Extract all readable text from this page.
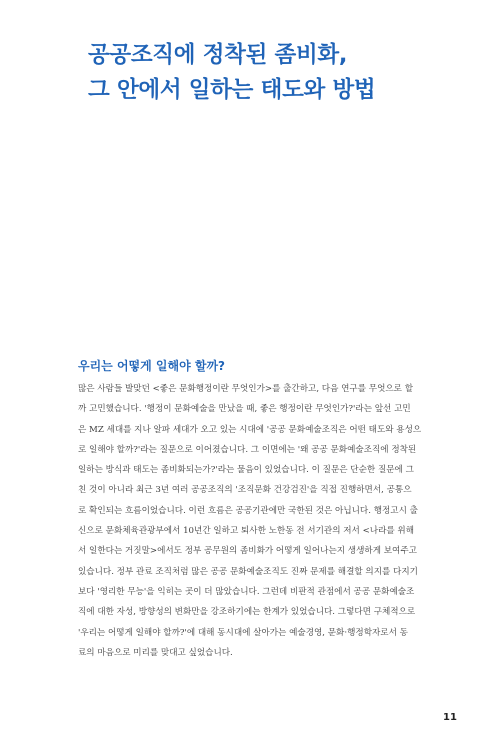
공공조직에 정착된 좀비화,
그 안에서 일하는 태도와 방법
우리는 어떻게 일해야 할까?
많은 사람들 발맞던 <좋은 문화행정이란 무엇인가>를 출간하고, 다음 연구를 무엇으로 할
까 고민했습니다. '행정이 문화예술을 만났을 때, 좋은 행정이란 무엇인가?'라는 앞선 고민
은 MZ 세대를 지나 알파 세대가 오고 있는 시대에 '공공 문화예술조직은 어떤 태도와 용성으
로 일해야 할까?'라는 질문으로 이어졌습니다. 그 이면에는 '왜 공공 문화예술조직에 정착된
일하는 방식과 태도는 좀비화되는가?'라는 물음이 있었습니다. 이 질문은 단순한 질문에 그
친 것이 아니라 최근 3년 여러 공공조직의 '조직문화 건강검진'을 직접 진행하면서, 공통으
로 확인되는 흐름이었습니다. 이런 흐름은 공공기관에만 국한된 것은 아닙니다. 행정고시 출
신으로 문화체육관광부에서 10년간 일하고 퇴사한 노한동 전 서기관의 저서 <나라를 위해
서 일한다는 거짓말>에서도 정부 공무원의 좀비화가 어떻게 일어나는지 생생하게 보여주고
있습니다. 정부 관료 조직처럼 많은 공공 문화예술조직도 진짜 문제를 해결할 의지를 다지기
보다 '영리한 무능'을 익히는 곳이 더 많았습니다. 그런데 비판적 관점에서 공공 문화예술조
직에 대한 자성, 방향성의 변화만을 강조하기에는 한계가 있었습니다. 그렇다면 구체적으로
'우리는 어떻게 일해야 할까?'에 대해 동시대에 살아가는 예술경영, 문화·행정학자로서 동
료의 마음으로 미리를 맞대고 싶었습니다.
11
